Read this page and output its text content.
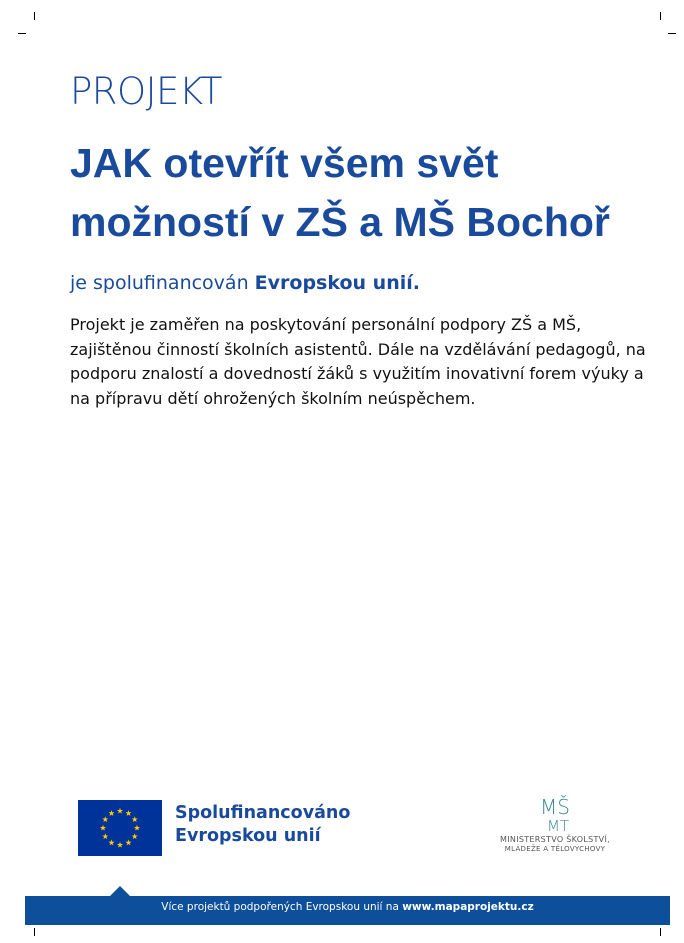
PROJEKT
JAK otevřít všem svět možností v ZŠ a MŠ Bochoř
je spolufinancován Evropskou unií.
Projekt je zaměřen na poskytování personální podpory ZŠ a MŠ, zajištěnou činností školních asistentů. Dále na vzdělávání pedagogů, na podporu znalostí a dovedností žáků s využitím inovativní forem výuky a na přípravu dětí ohrožených školním neúspěchem.
Spolufinancováno
Evropskou unií
MŠ
MT
MINISTERSTVO ŠKOLSTVÍ,
MLÁDEŽE A TĚLOVÝCHOVY
Více projektů podpořených Evropskou unií na www.mapaprojektu.cz
